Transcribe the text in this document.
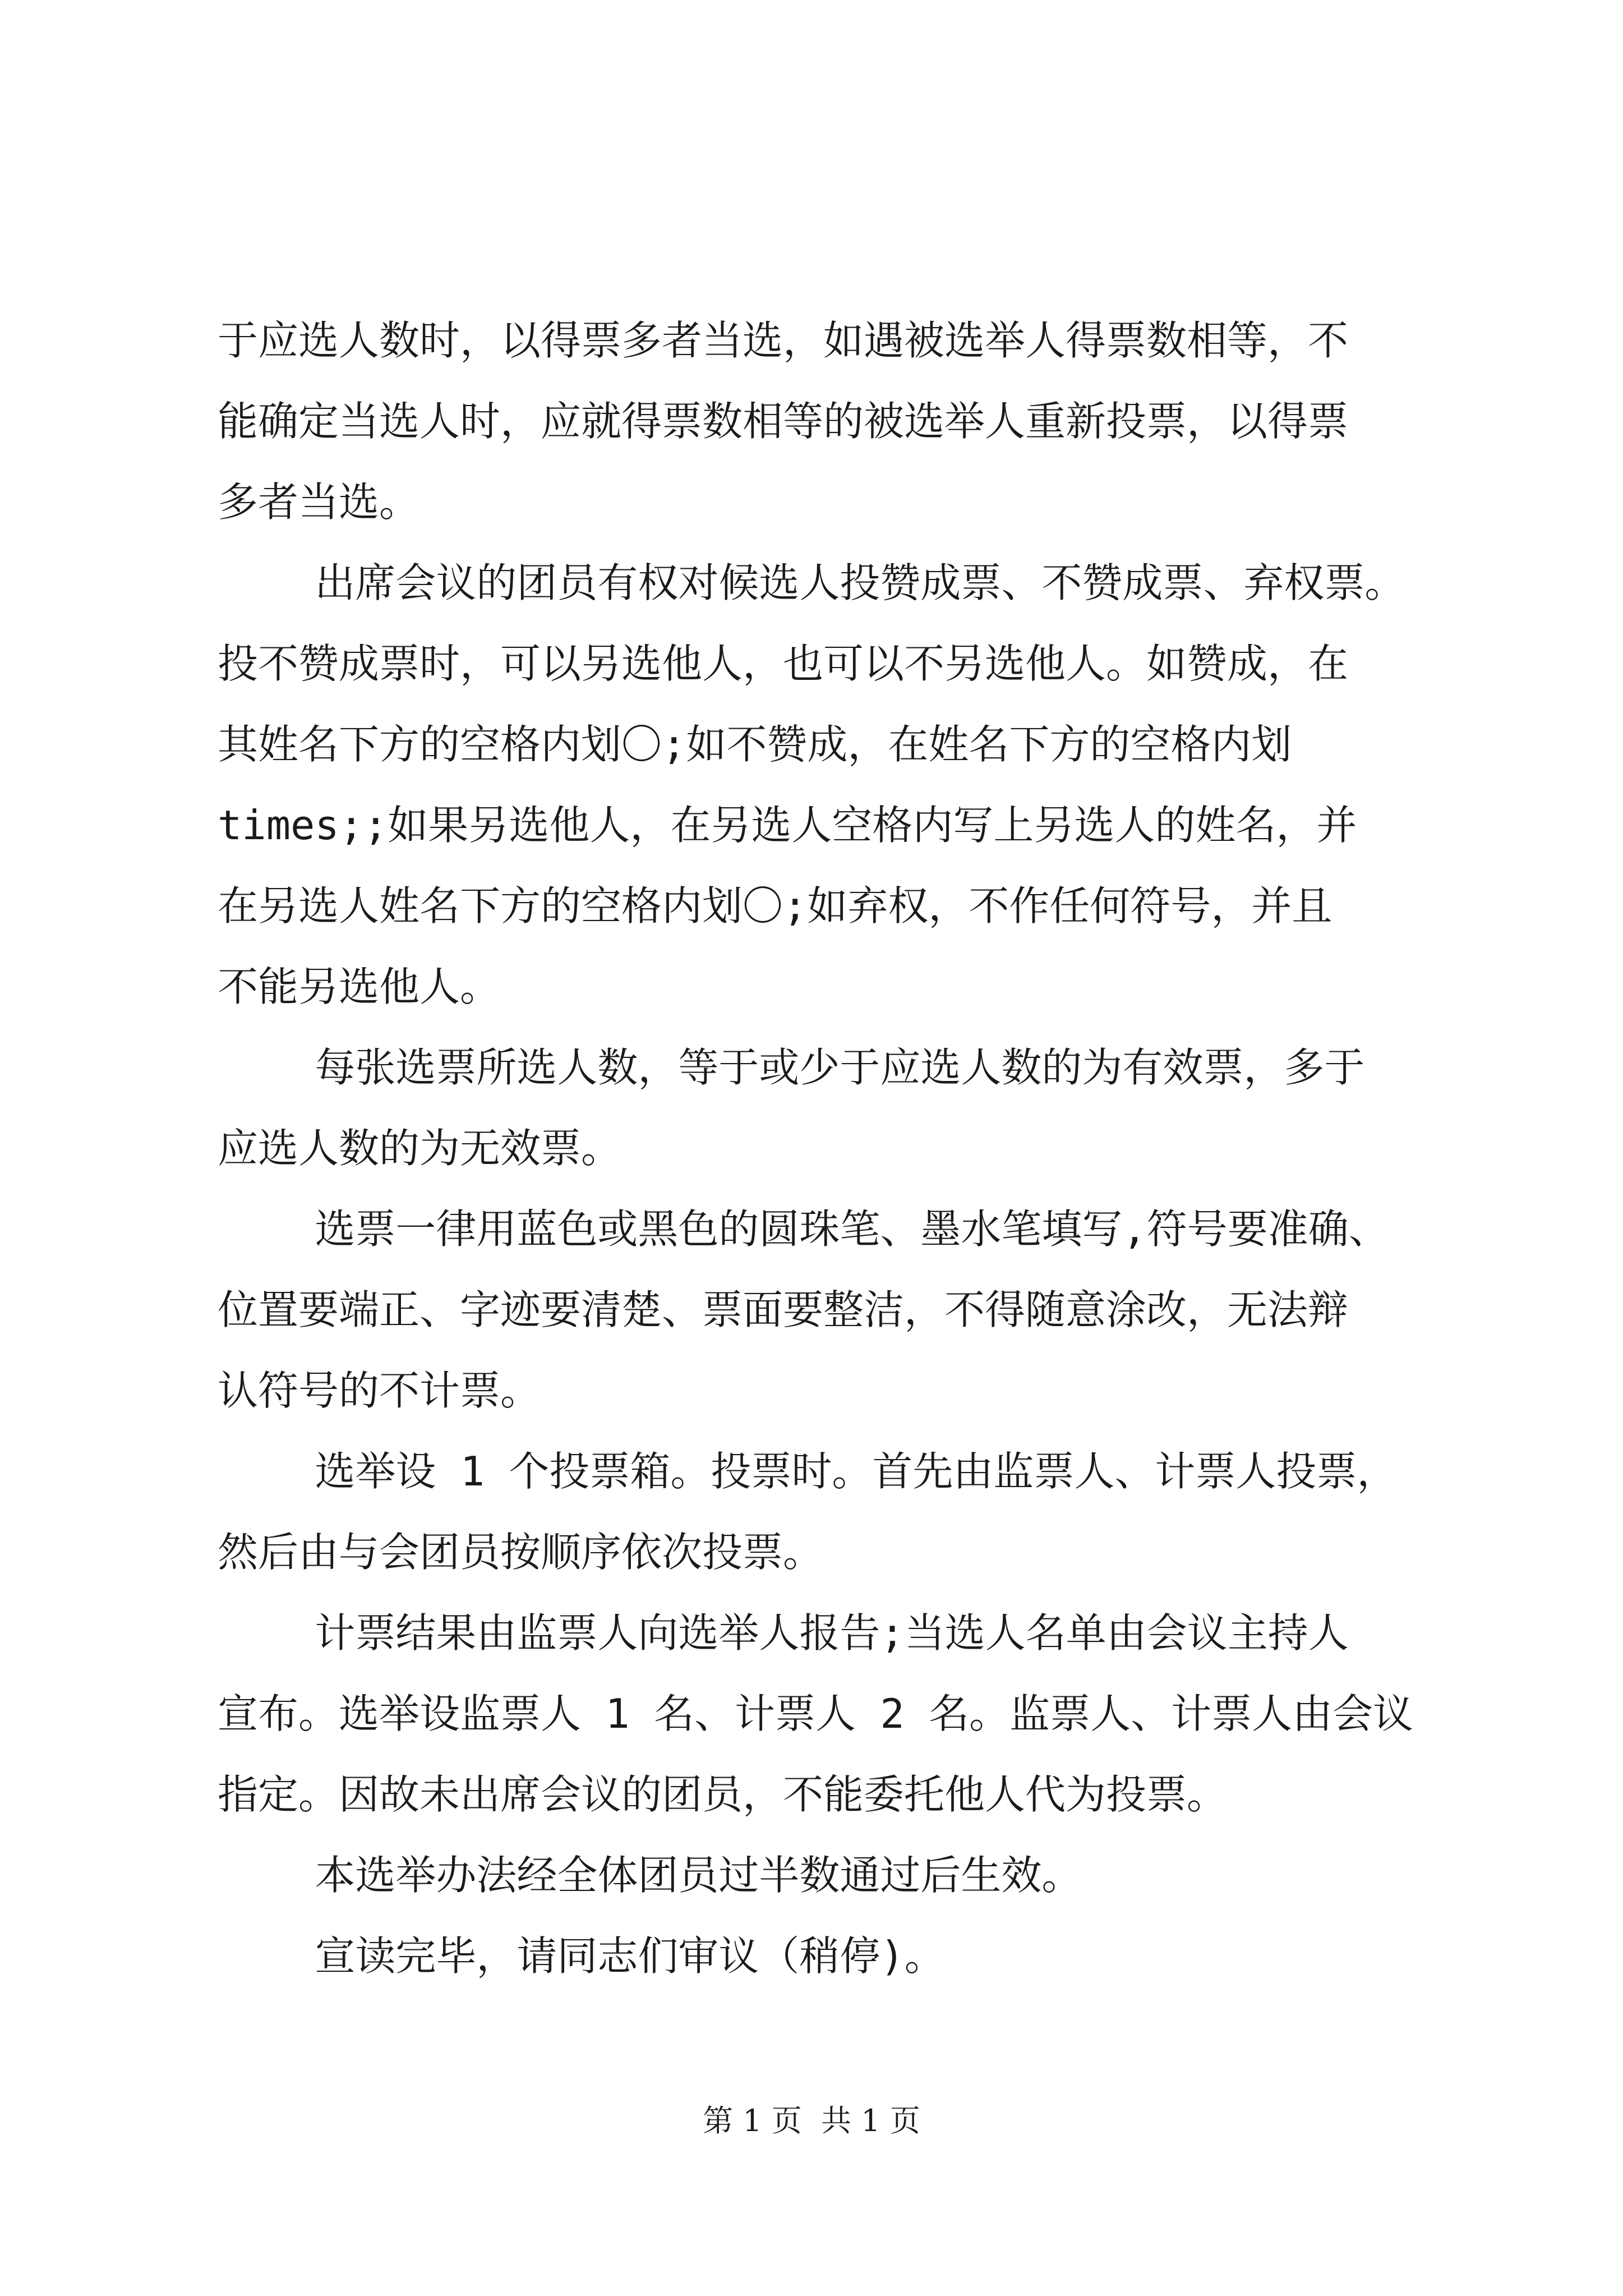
于应选人数时，以得票多者当选，如遇被选举人得票数相等，不
能确定当选人时，应就得票数相等的被选举人重新投票，以得票
多者当选。
出席会议的团员有权对候选人投赞成票、不赞成票、弃权票。
投不赞成票时，可以另选他人，也可以不另选他人。如赞成，在
其姓名下方的空格内划〇;如不赞成，在姓名下方的空格内划
times;;如果另选他人，在另选人空格内写上另选人的姓名，并
在另选人姓名下方的空格内划〇;如弃权，不作任何符号，并且
不能另选他人。
每张选票所选人数，等于或少于应选人数的为有效票，多于
应选人数的为无效票。
选票一律用蓝色或黑色的圆珠笔、墨水笔填写,符号要准确、
位置要端正、字迹要清楚、票面要整洁，不得随意涂改，无法辩
认符号的不计票。
选举设 1 个投票箱。投票时。首先由监票人、计票人投票，
然后由与会团员按顺序依次投票。
计票结果由监票人向选举人报告;当选人名单由会议主持人
宣布。选举设监票人 1 名、计票人 2 名。监票人、计票人由会议
指定。因故未出席会议的团员，不能委托他人代为投票。
本选举办法经全体团员过半数通过后生效。
宣读完毕，请同志们审议（稍停)。
第 1 页  共 1 页
